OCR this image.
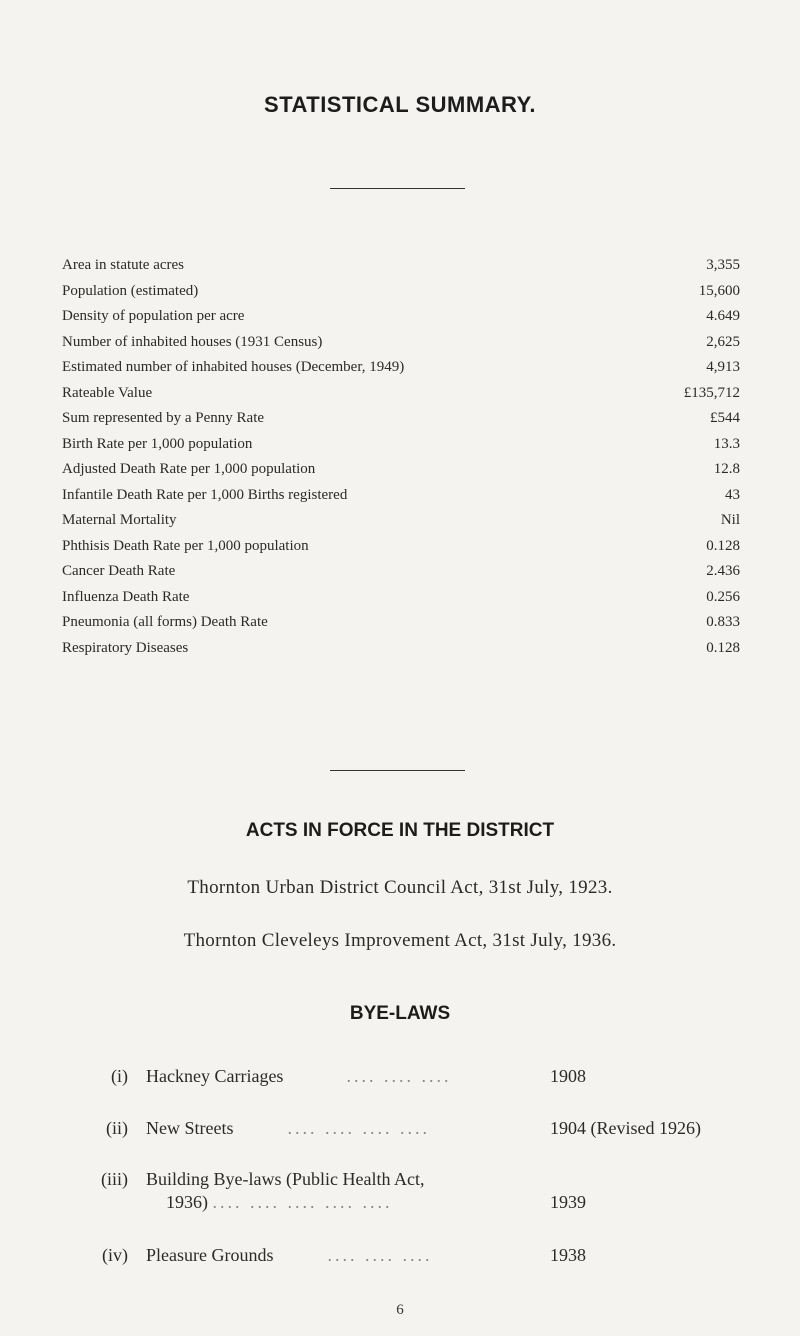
STATISTICAL SUMMARY.
Area in statute acres	3,355
Population (estimated)	15,600
Density of population per acre	4.649
Number of inhabited houses (1931 Census)	2,625
Estimated number of inhabited houses (December, 1949)	4,913
Rateable Value	£135,712
Sum represented by a Penny Rate	£544
Birth Rate per 1,000 population	13.3
Adjusted Death Rate per 1,000 population	12.8
Infantile Death Rate per 1,000 Births registered	43
Maternal Mortality	Nil
Phthisis Death Rate per 1,000 population	0.128
Cancer Death Rate	2.436
Influenza Death Rate	0.256
Pneumonia (all forms) Death Rate	0.833
Respiratory Diseases	0.128
ACTS IN FORCE IN THE DISTRICT
Thornton Urban District Council Act, 31st July, 1923.
Thornton Cleveleys Improvement Act, 31st July, 1936.
BYE-LAWS
(i) Hackney Carriages	.... .... ....	1908
(ii) New Streets	.... .... .... ....	1904 (Revised 1926)
(iii) Building Bye-laws (Public Health Act,
1936) .... .... .... .... ....	1939
(iv) Pleasure Grounds	.... .... ....	1938
6
